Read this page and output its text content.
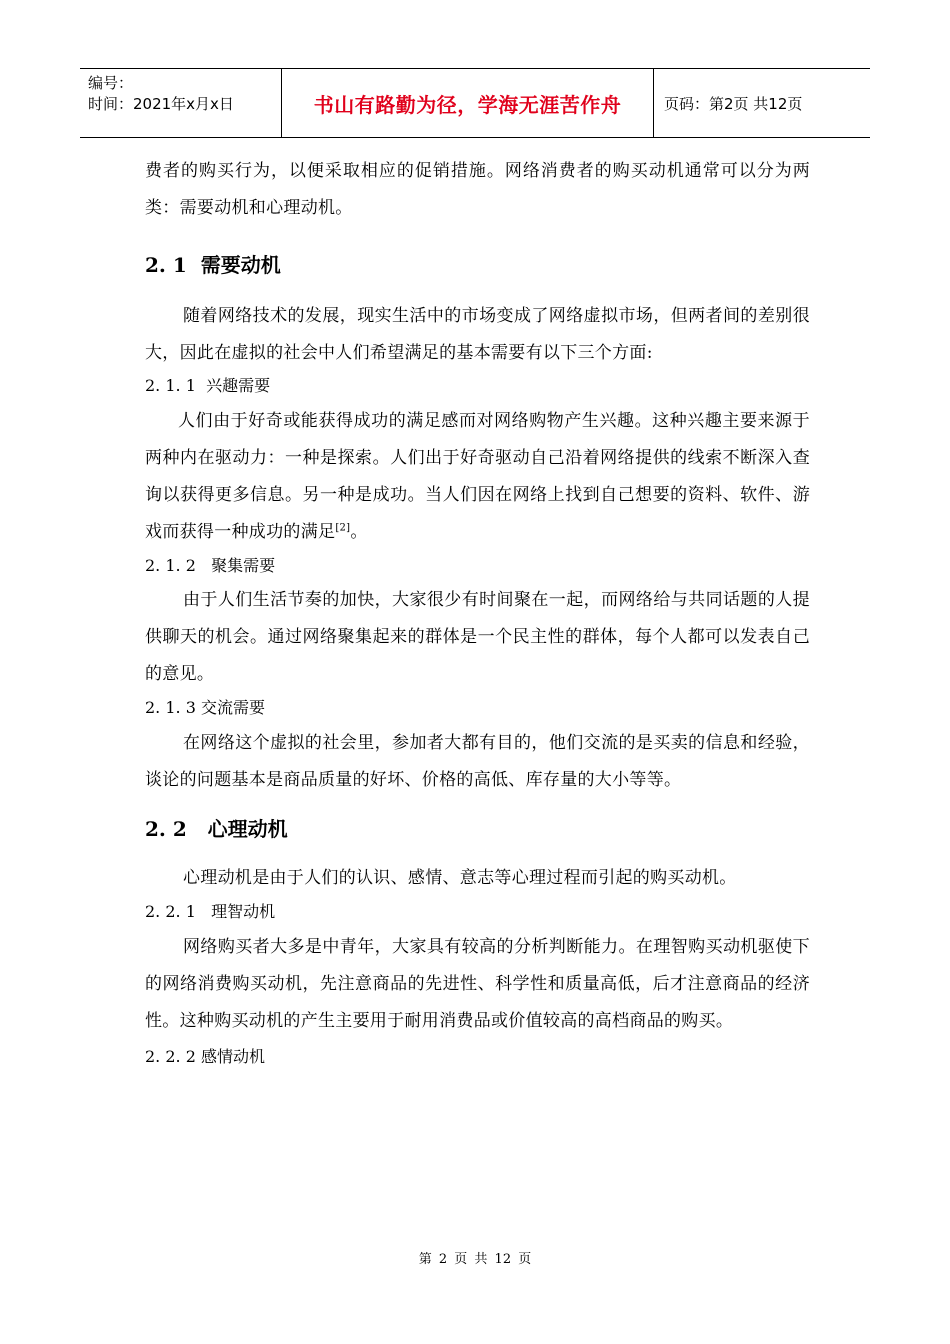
编号：
时间：2021年x月x日	书山有路勤为径，学海无涯苦作舟	页码：第2页 共12页

费者的购买行为，以便采取相应的促销措施。网络消费者的购买动机通常可以分为两类：需要动机和心理动机。

2. 1 需要动机

随着网络技术的发展，现实生活中的市场变成了网络虚拟市场，但两者间的差别很大，因此在虚拟的社会中人们希望满足的基本需要有以下三个方面:

2. 1. 1 兴趣需要

人们由于好奇或能获得成功的满足感而对网络购物产生兴趣。这种兴趣主要来源于两种内在驱动力：一种是探索。人们出于好奇驱动自己沿着网络提供的线索不断深入查询以获得更多信息。另一种是成功。当人们因在网络上找到自己想要的资料、软件、游戏而获得一种成功的满足[2]。

2. 1. 2 聚集需要

由于人们生活节奏的加快，大家很少有时间聚在一起，而网络给与共同话题的人提供聊天的机会。通过网络聚集起来的群体是一个民主性的群体，每个人都可以发表自己的意见。

2. 1. 3 交流需要

在网络这个虚拟的社会里，参加者大都有目的，他们交流的是买卖的信息和经验，谈论的问题基本是商品质量的好坏、价格的高低、库存量的大小等等。

2. 2 心理动机

心理动机是由于人们的认识、感情、意志等心理过程而引起的购买动机。

2. 2. 1 理智动机

网络购买者大多是中青年，大家具有较高的分析判断能力。在理智购买动机驱使下的网络消费购买动机，先注意商品的先进性、科学性和质量高低，后才注意商品的经济性。这种购买动机的产生主要用于耐用消费品或价值较高的高档商品的购买。

2. 2. 2 感情动机
第 2 页 共 12 页
